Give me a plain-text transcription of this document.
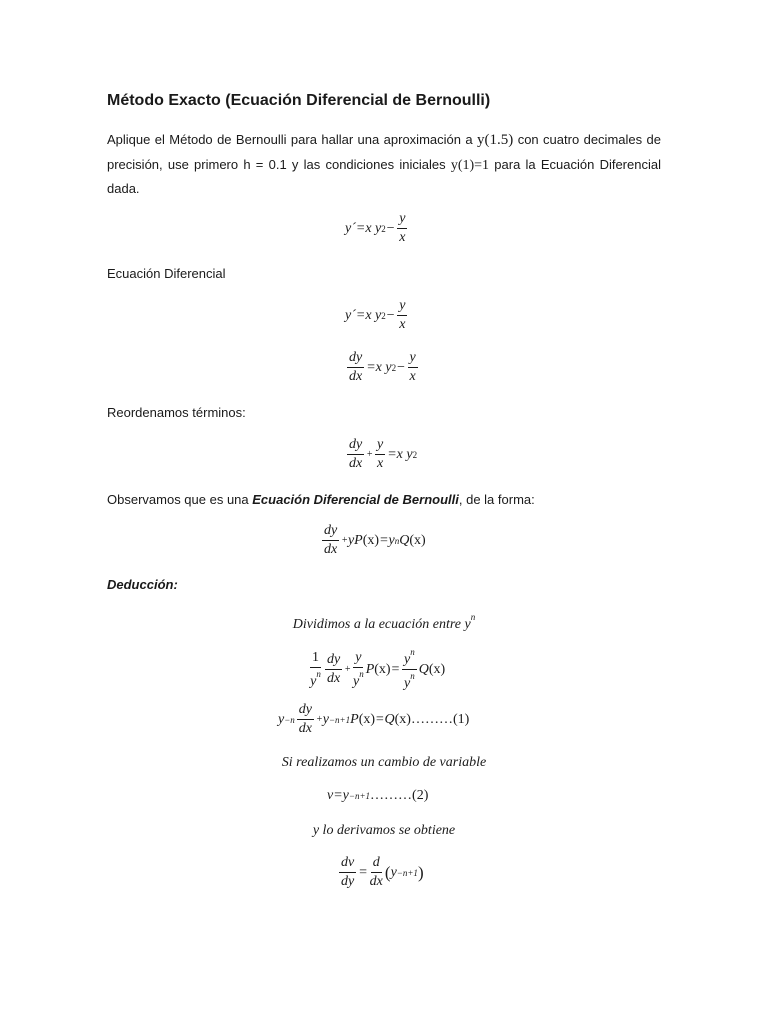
Método Exacto (Ecuación Diferencial de Bernoulli)
Aplique el Método de Bernoulli para hallar una aproximación a y(1.5) con cuatro decimales de precisión, use primero h = 0.1 y las condiciones iniciales y(1)=1 para la Ecuación Diferencial dada.
y´=x y $2 - \frac{y}{x}$
Ecuación Diferencial
y´=x y $2 - \frac{y}{x}$
$\frac{dy}{dx} =x$ y $2 - \frac{y}{x}$
Reordenamos términos:
$\frac{dy}{dx} + \frac{y}{x} =x$ y 2
Observamos que es una Ecuación Diferencial de Bernoulli, de la forma:
$\frac{dy}{dx}$ + yP (x) = y n Q (x)
Deducción:
Dividimos a la ecuación entre $y^n$
$\frac{1}{y^n} \frac{dy}{dx} + \frac{y}{y^n}$ P $(x) = \frac{y^n}{y^n}$ Q (x)
$y -n \frac{dy}{dx} + y -n+1$ P (x) = Q (x) ………(1)
Si realizamos un cambio de variable
v=y −n+1 ………(2)
y lo derivamos se obtiene
$\frac{dv}{dy} = \frac{d}{dx}$ ( y −n+1 )
